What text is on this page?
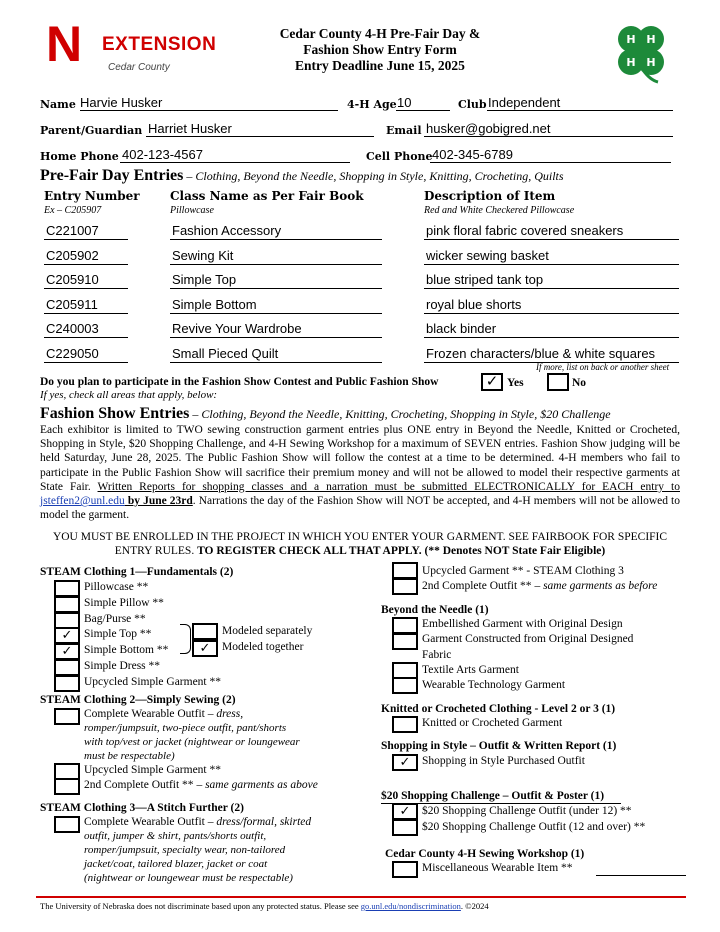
N EXTENSION
Cedar County
Cedar County 4-H Pre-Fair Day &
Fashion Show Entry Form
Entry Deadline June 15, 2025
H H
H H
Name Harvie Husker	4-H Age 10	Club Independent
Parent/Guardian Harriet Husker	Email husker@gobigred.net
Home Phone 402-123-4567	Cell Phone 402-345-6789
Pre-Fair Day Entries – Clothing, Beyond the Needle, Shopping in Style, Knitting, Crocheting, Quilts
Entry Number	Class Name as Per Fair Book	Description of Item
Ex – C205907	Pillowcase	Red and White Checkered Pillowcase
C221007	Fashion Accessory	pink floral fabric covered sneakers
C205902	Sewing Kit	wicker sewing basket
C205910	Simple Top	blue striped tank top
C205911	Simple Bottom	royal blue shorts
C240003	Revive Your Wardrobe	black binder
C229050	Small Pieced Quilt	Frozen characters/blue & white squares
If more, list on back or another sheet
Do you plan to participate in the Fashion Show Contest and Public Fashion Show	✓ Yes	No
If yes, check all areas that apply, below:
Fashion Show Entries – Clothing, Beyond the Needle, Knitting, Crocheting, Shopping in Style, $20 Challenge
Each exhibitor is limited to TWO sewing construction garment entries plus ONE entry in Beyond the Needle, Knitted or Crocheted, Shopping in Style, $20 Shopping Challenge, and 4-H Sewing Workshop for a maximum of SEVEN entries. Fashion Show judging will be held Saturday, June 28, 2025. The Public Fashion Show will follow the contest at a time to be determined. 4-H members who fail to participate in the Public Fashion Show will sacrifice their premium money and will not be allowed to model their respective garments at State Fair. Written Reports for shopping classes and a narration must be submitted ELECTRONICALLY for EACH entry to jsteffen2@unl.edu by June 23rd. Narrations the day of the Fashion Show will NOT be accepted, and 4-H members will not be allowed to model the garment.
YOU MUST BE ENROLLED IN THE PROJECT IN WHICH YOU ENTER YOUR GARMENT. SEE FAIRBOOK FOR SPECIFIC
ENTRY RULES. TO REGISTER CHECK ALL THAT APPLY. (** Denotes NOT State Fair Eligible)
STEAM Clothing 1—Fundamentals (2)
Pillowcase **
Simple Pillow **
Bag/Purse **
✓	Simple Top **
✓	Simple Bottom **
Simple Dress **
Upcycled Simple Garment **
Modeled separately
✓	Modeled together
STEAM Clothing 2—Simply Sewing (2)
Complete Wearable Outfit – dress,
romper/jumpsuit, two-piece outfit, pant/shorts
with top/vest or jacket (nightwear or loungewear
must be respectable)
Upcycled Simple Garment **
2nd Complete Outfit ** – same garments as above
STEAM Clothing 3—A Stitch Further (2)
Complete Wearable Outfit – dress/formal, skirted
outfit, jumper & shirt, pants/shorts outfit,
romper/jumpsuit, specialty wear, non-tailored
jacket/coat, tailored blazer, jacket or coat
(nightwear or loungewear must be respectable)
Upcycled Garment ** - STEAM Clothing 3
2nd Complete Outfit ** – same garments as before
Beyond the Needle (1)
Embellished Garment with Original Design
Garment Constructed from Original Designed
Fabric
Textile Arts Garment
Wearable Technology Garment
Knitted or Crocheted Clothing - Level 2 or 3 (1)
Knitted or Crocheted Garment
Shopping in Style – Outfit & Written Report (1)
✓	Shopping in Style Purchased Outfit
$20 Shopping Challenge – Outfit & Poster (1)
✓	$20 Shopping Challenge Outfit (under 12) **
$20 Shopping Challenge Outfit (12 and over) **
Cedar County 4-H Sewing Workshop (1)
Miscellaneous Wearable Item **
The University of Nebraska does not discriminate based upon any protected status. Please see go.unl.edu/nondiscrimination. ©2024
